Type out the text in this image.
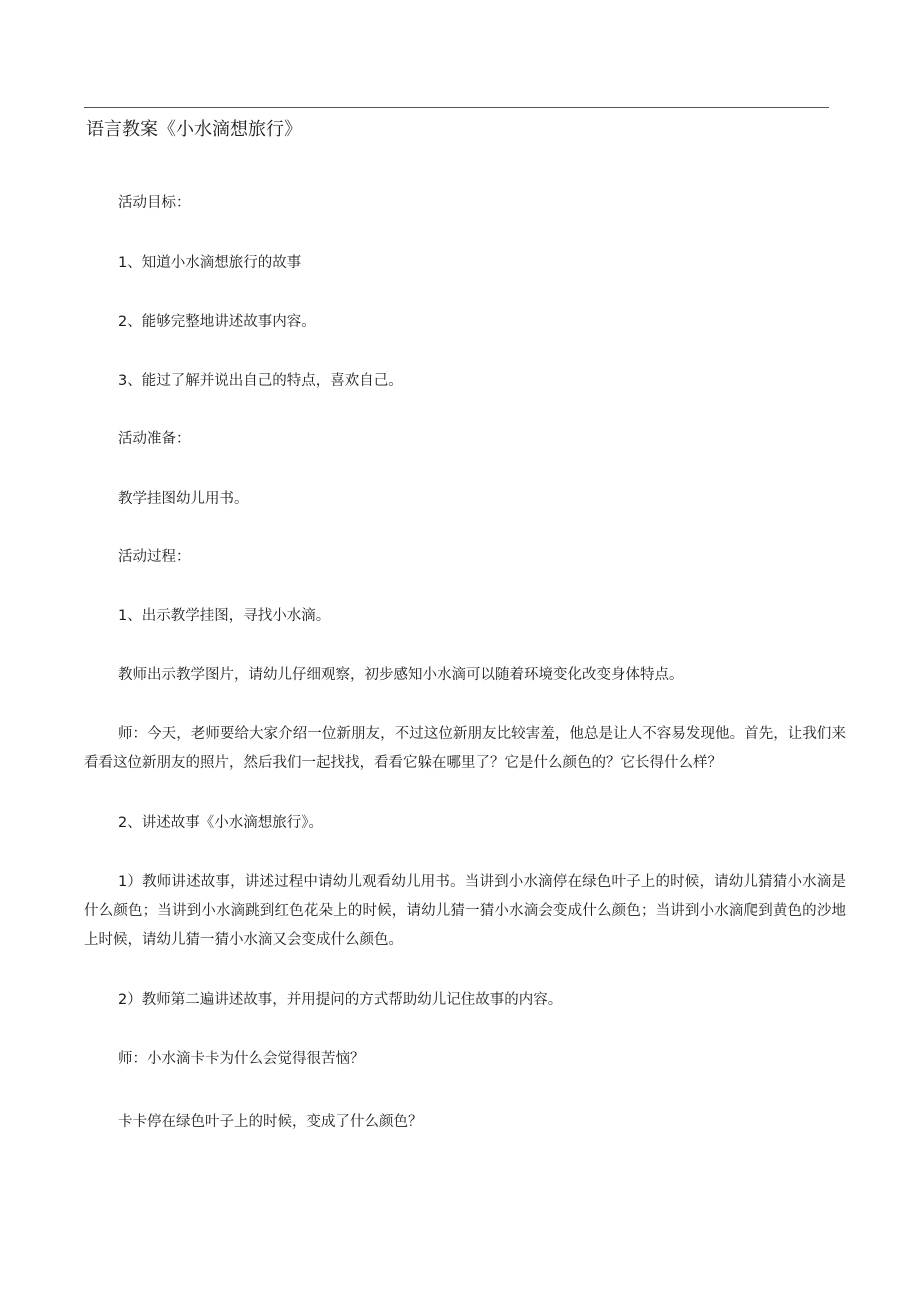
语言教案《小水滴想旅行》

活动目标：

1、知道小水滴想旅行的故事

2、能够完整地讲述故事内容。

3、能过了解并说出自己的特点，喜欢自己。

活动准备：

教学挂图幼儿用书。

活动过程：

1、出示教学挂图，寻找小水滴。

教师出示教学图片，请幼儿仔细观察，初步感知小水滴可以随着环境变化改变身体特点。

师：今天，老师要给大家介绍一位新朋友，不过这位新朋友比较害羞，他总是让人不容易发现他。首先，让我们来看看这位新朋友的照片，然后我们一起找找，看看它躲在哪里了？它是什么颜色的？它长得什么样？

2、讲述故事《小水滴想旅行》。

1）教师讲述故事，讲述过程中请幼儿观看幼儿用书。当讲到小水滴停在绿色叶子上的时候，请幼儿猜猜小水滴是什么颜色；当讲到小水滴跳到红色花朵上的时候，请幼儿猜一猜小水滴会变成什么颜色；当讲到小水滴爬到黄色的沙地上时候，请幼儿猜一猜小水滴又会变成什么颜色。

2）教师第二遍讲述故事，并用提问的方式帮助幼儿记住故事的内容。

师：小水滴卡卡为什么会觉得很苦恼？

卡卡停在绿色叶子上的时候，变成了什么颜色？
